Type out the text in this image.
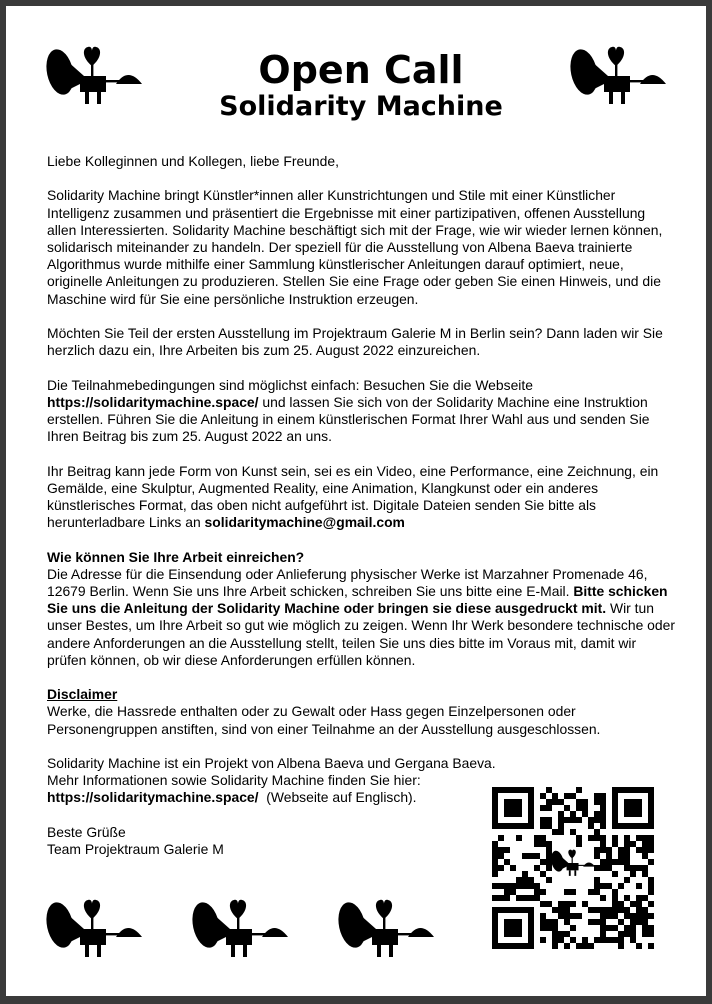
Open Call
Solidarity Machine

Liebe Kolleginnen und Kollegen, liebe Freunde,

Solidarity Machine bringt Künstler*innen aller Kunstrichtungen und Stile mit einer Künstlicher Intelligenz zusammen und präsentiert die Ergebnisse mit einer partizipativen, offenen Ausstellung allen Interessierten. Solidarity Machine beschäftigt sich mit der Frage, wie wir wieder lernen können, solidarisch miteinander zu handeln. Der speziell für die Ausstellung von Albena Baeva trainierte Algorithmus wurde mithilfe einer Sammlung künstlerischer Anleitungen darauf optimiert, neue, originelle Anleitungen zu produzieren. Stellen Sie eine Frage oder geben Sie einen Hinweis, und die Maschine wird für Sie eine persönliche Instruktion erzeugen.

Möchten Sie Teil der ersten Ausstellung im Projektraum Galerie M in Berlin sein? Dann laden wir Sie herzlich dazu ein, Ihre Arbeiten bis zum 25. August 2022 einzureichen.

Die Teilnahmebedingungen sind möglichst einfach: Besuchen Sie die Webseite https://solidaritymachine.space/ und lassen Sie sich von der Solidarity Machine eine Instruktion erstellen. Führen Sie die Anleitung in einem künstlerischen Format Ihrer Wahl aus und senden Sie Ihren Beitrag bis zum 25. August 2022 an uns.

Ihr Beitrag kann jede Form von Kunst sein, sei es ein Video, eine Performance, eine Zeichnung, ein Gemälde, eine Skulptur, Augmented Reality, eine Animation, Klangkunst oder ein anderes künstlerisches Format, das oben nicht aufgeführt ist. Digitale Dateien senden Sie bitte als herunterladbare Links an solidaritymachine@gmail.com

Wie können Sie Ihre Arbeit einreichen?
Die Adresse für die Einsendung oder Anlieferung physischer Werke ist Marzahner Promenade 46, 12679 Berlin. Wenn Sie uns Ihre Arbeit schicken, schreiben Sie uns bitte eine E-Mail. Bitte schicken Sie uns die Anleitung der Solidarity Machine oder bringen sie diese ausgedruckt mit. Wir tun unser Bestes, um Ihre Arbeit so gut wie möglich zu zeigen. Wenn Ihr Werk besondere technische oder andere Anforderungen an die Ausstellung stellt, teilen Sie uns dies bitte im Voraus mit, damit wir prüfen können, ob wir diese Anforderungen erfüllen können.

Disclaimer
Werke, die Hassrede enthalten oder zu Gewalt oder Hass gegen Einzelpersonen oder Personengruppen anstiften, sind von einer Teilnahme an der Ausstellung ausgeschlossen.

Solidarity Machine ist ein Projekt von Albena Baeva und Gergana Baeva.
Mehr Informationen sowie Solidarity Machine finden Sie hier:
https://solidaritymachine.space/ (Webseite auf Englisch).

Beste Grüße
Team Projektraum Galerie M
